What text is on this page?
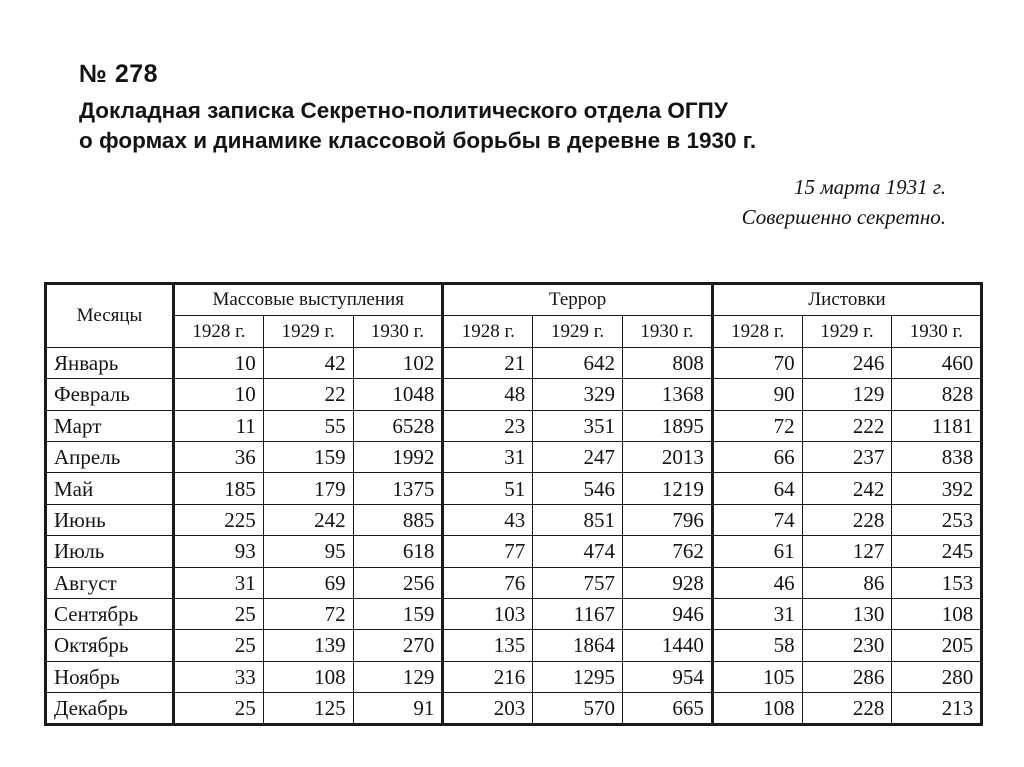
№ 278
Докладная записка Секретно-политического отдела ОГПУ
о формах и динамике классовой борьбы в деревне в 1930 г.
15 марта 1931 г.
Совершенно секретно.
Месяцы	Массовые выступления			Террор			Листовки		
	1928 г.	1929 г.	1930 г.	1928 г.	1929 г.	1930 г.	1928 г.	1929 г.	1930 г.
Январь	10	42	102	21	642	808	70	246	460
Февраль	10	22	1048	48	329	1368	90	129	828
Март	11	55	6528	23	351	1895	72	222	1181
Апрель	36	159	1992	31	247	2013	66	237	838
Май	185	179	1375	51	546	1219	64	242	392
Июнь	225	242	885	43	851	796	74	228	253
Июль	93	95	618	77	474	762	61	127	245
Август	31	69	256	76	757	928	46	86	153
Сентябрь	25	72	159	103	1167	946	31	130	108
Октябрь	25	139	270	135	1864	1440	58	230	205
Ноябрь	33	108	129	216	1295	954	105	286	280
Декабрь	25	125	91	203	570	665	108	228	213
